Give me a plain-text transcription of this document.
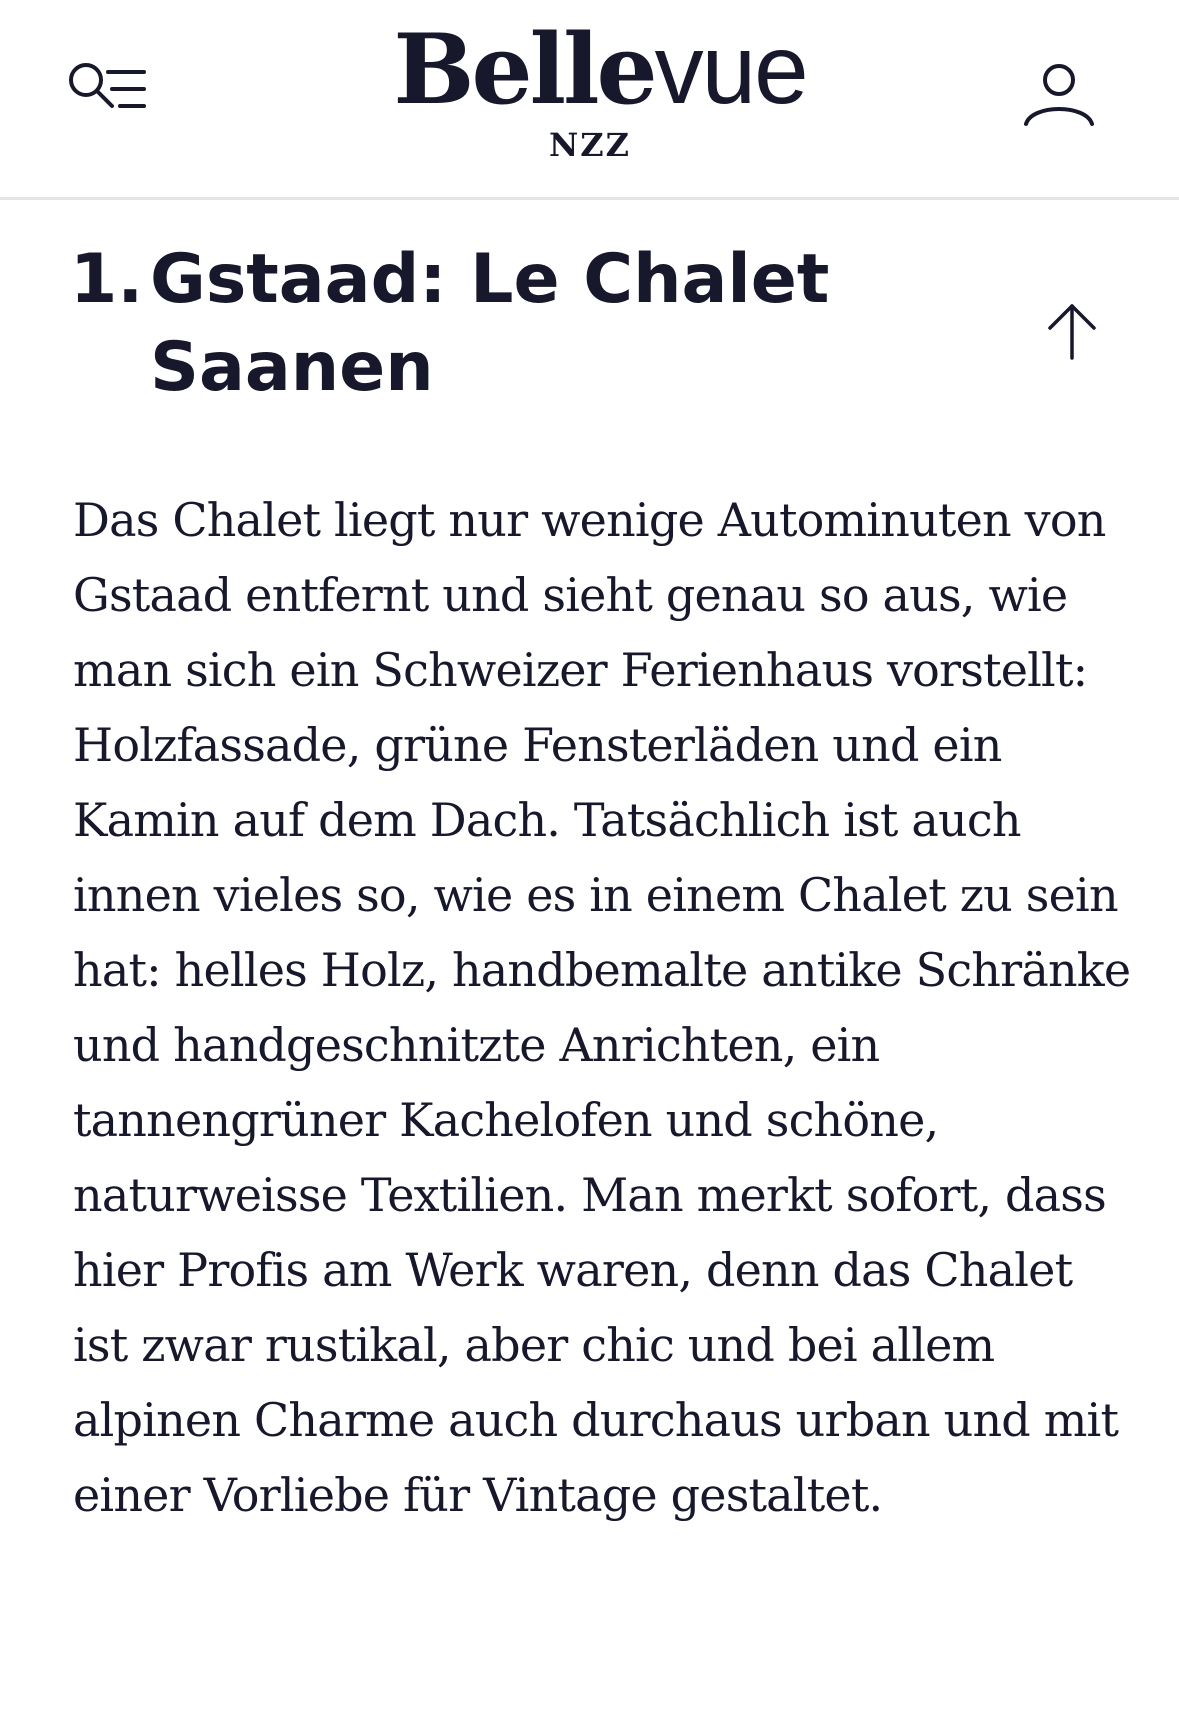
Bellevue
NZZ
1. Gstaad: Le Chalet Saanen

Das Chalet liegt nur wenige Autominuten von Gstaad entfernt und sieht genau so aus, wie man sich ein Schweizer Ferienhaus vorstellt: Holzfassade, grüne Fensterläden und ein Kamin auf dem Dach. Tatsächlich ist auch innen vieles so, wie es in einem Chalet zu sein hat: helles Holz, handbemalte antike Schränke und handgeschnitzte Anrichten, ein tannengrüner Kachelofen und schöne, naturweisse Textilien. Man merkt sofort, dass hier Profis am Werk waren, denn das Chalet ist zwar rustikal, aber chic und bei allem alpinen Charme auch durchaus urban und mit einer Vorliebe für Vintage gestaltet.
